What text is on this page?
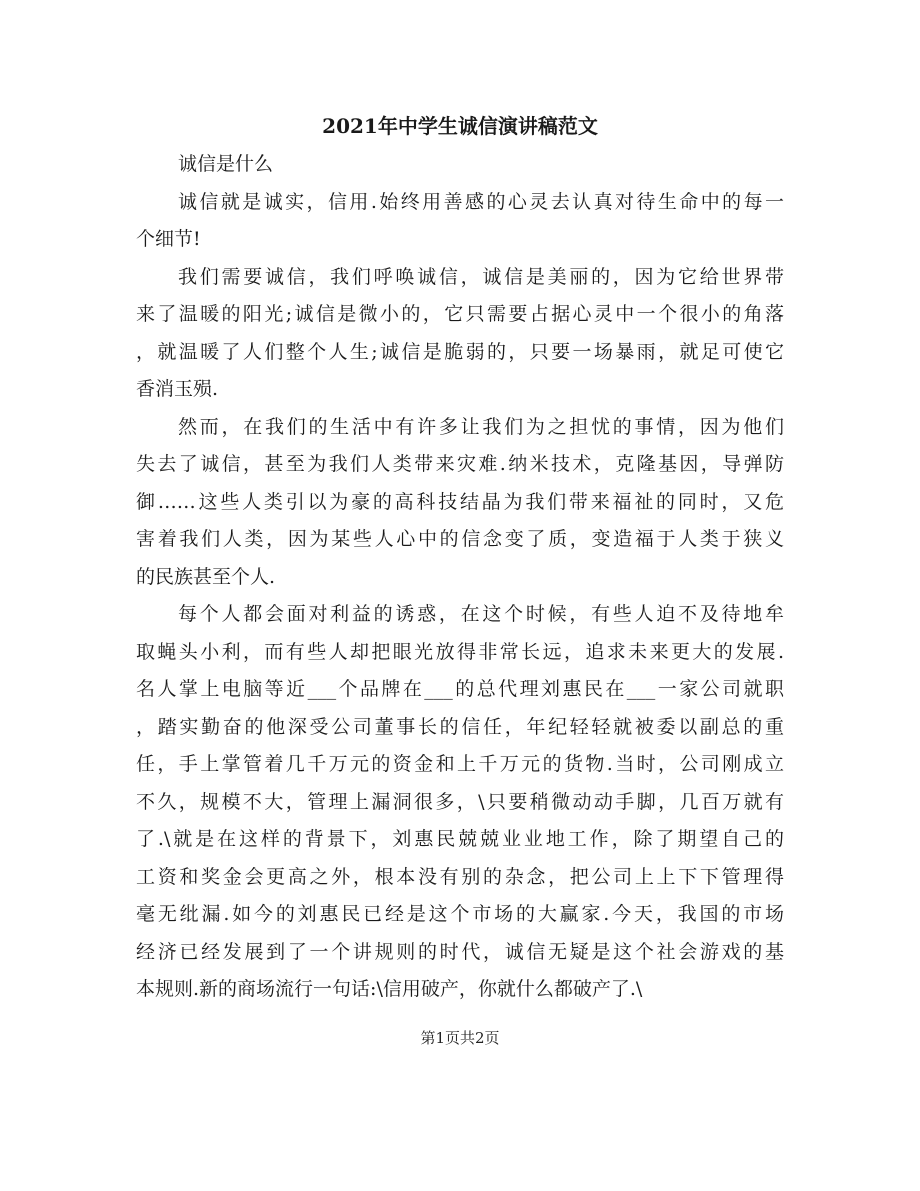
2021年中学生诚信演讲稿范文
诚信是什么
诚信就是诚实，信用.始终用善感的心灵去认真对待生命中的每一
个细节!
我们需要诚信，我们呼唤诚信，诚信是美丽的，因为它给世界带
来了温暖的阳光;诚信是微小的，它只需要占据心灵中一个很小的角落
，就温暖了人们整个人生;诚信是脆弱的，只要一场暴雨，就足可使它
香消玉殒.
然而，在我们的生活中有许多让我们为之担忧的事情，因为他们
失去了诚信，甚至为我们人类带来灾难.纳米技术，克隆基因，导弹防
御……这些人类引以为豪的高科技结晶为我们带来福祉的同时，又危
害着我们人类，因为某些人心中的信念变了质，变造福于人类于狭义
的民族甚至个人.
每个人都会面对利益的诱惑，在这个时候，有些人迫不及待地牟
取蝇头小利，而有些人却把眼光放得非常长远，追求未来更大的发展.
名人掌上电脑等近___个品牌在___的总代理刘惠民在___一家公司就职
，踏实勤奋的他深受公司董事长的信任，年纪轻轻就被委以副总的重
任，手上掌管着几千万元的资金和上千万元的货物.当时，公司刚成立
不久，规模不大，管理上漏洞很多，\只要稍微动动手脚，几百万就有
了.\就是在这样的背景下，刘惠民兢兢业业地工作，除了期望自己的
工资和奖金会更高之外，根本没有别的杂念，把公司上上下下管理得
毫无纰漏.如今的刘惠民已经是这个市场的大赢家.今天，我国的市场
经济已经发展到了一个讲规则的时代，诚信无疑是这个社会游戏的基
本规则.新的商场流行一句话:\信用破产，你就什么都破产了.\
第1页共2页
